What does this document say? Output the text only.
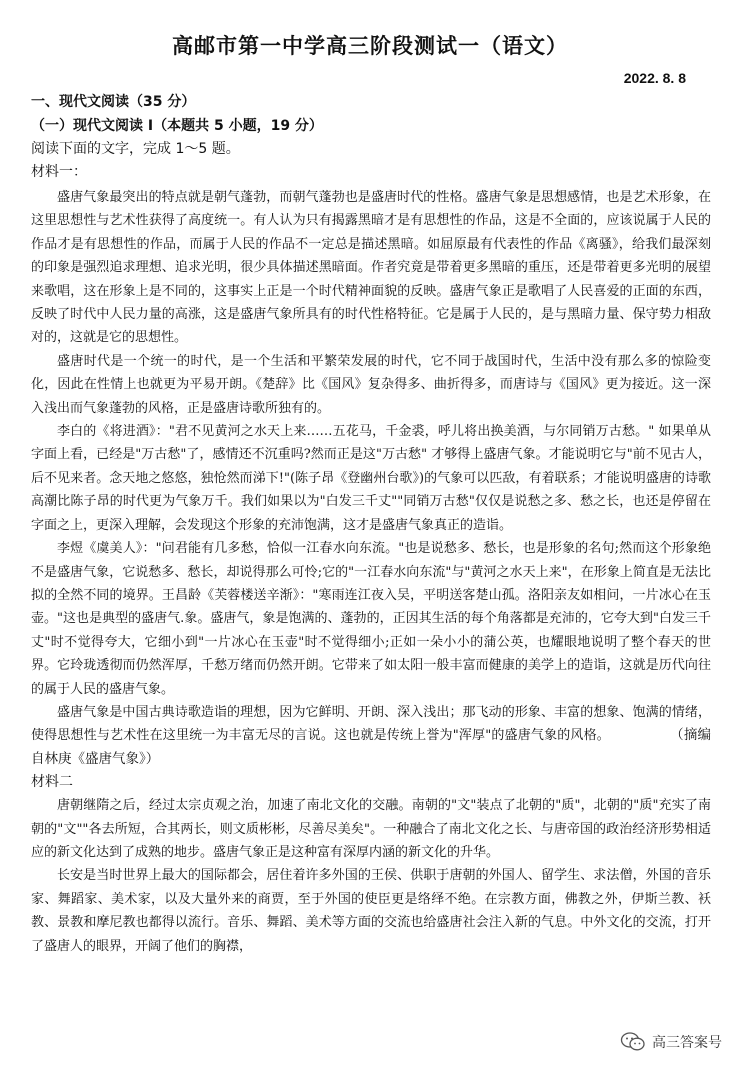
高邮市第一中学高三阶段测试一（语文）
2022. 8. 8
一、现代文阅读（35 分）
（一）现代文阅读 I（本题共 5 小题，19 分）
阅读下面的文字，完成 1～5 题。
材料一：

盛唐气象最突出的特点就是朝气蓬勃，而朝气蓬勃也是盛唐时代的性格。盛唐气象是思想感情，也是艺术形象，在这里思想性与艺术性获得了高度统一。有人认为只有揭露黑暗才是有思想性的作品，这是不全面的，应该说属于人民的作品才是有思想性的作品，而属于人民的作品不一定总是描述黑暗。如屈原最有代表性的作品《离骚》，给我们最深刻的印象是强烈追求理想、追求光明，很少具体描述黑暗面。作者究竟是带着更多黑暗的重压，还是带着更多光明的展望来歌唱，这在形象上是不同的，这事实上正是一个时代精神面貌的反映。盛唐气象正是歌唱了人民喜爱的正面的东西，反映了时代中人民力量的高涨，这是盛唐气象所具有的时代性格特征。它是属于人民的，是与黑暗力量、保守势力相敌对的，这就是它的思想性。

盛唐时代是一个统一的时代，是一个生活和平繁荣发展的时代，它不同于战国时代，生活中没有那么多的惊险变化，因此在性情上也就更为平易开朗。《楚辞》比《国风》复杂得多、曲折得多，而唐诗与《国风》更为接近。这一深入浅出而气象蓬勃的风格，正是盛唐诗歌所独有的。

李白的《将进酒》："君不见黄河之水天上来……五花马，千金裘，呼儿将出换美酒，与尔同销万古愁。" 如果单从字面上看，已经是"万古愁"了，感情还不沉重吗?然而正是这"万古愁" 才够得上盛唐气象。才能说明它与"前不见古人，后不见来者。念天地之悠悠，独怆然而涕下!"(陈子昂《登幽州台歌》)的气象可以匹敌，有着联系；才能说明盛唐的诗歌高潮比陈子昂的时代更为气象万千。我们如果以为"白发三千丈""同销万古愁"仅仅是说愁之多、愁之长，也还是停留在字面之上，更深入理解，会发现这个形象的充沛饱满，这才是盛唐气象真正的造诣。

李煜《虞美人》："问君能有几多愁，恰似一江春水向东流。"也是说愁多、愁长，也是形象的名句;然而这个形象绝不是盛唐气象，它说愁多、愁长，却说得那么可怜;它的"一江春水向东流"与"黄河之水天上来"，在形象上简直是无法比拟的全然不同的境界。王昌龄《芙蓉楼送辛渐》："寒雨连江夜入吴，平明送客楚山孤。洛阳亲友如相问，一片冰心在玉壶。"这也是典型的盛唐气.象。盛唐气，象是饱满的、蓬勃的，正因其生活的每个角落都是充沛的，它夸大到"白发三千丈"时不觉得夸大，它细小到"一片冰心在玉壶"时不觉得细小;正如一朵小小的蒲公英，也耀眼地说明了整个春天的世界。它玲珑透彻而仍然浑厚，千愁万绪而仍然开朗。它带来了如太阳一般丰富而健康的美学上的造诣，这就是历代向往的属于人民的盛唐气象。

盛唐气象是中国古典诗歌造诣的理想，因为它鲜明、开朗、深入浅出；那飞动的形象、丰富的想象、饱满的情绪，使得思想性与艺术性在这里统一为丰富无尽的言说。这也就是传统上誉为"浑厚"的盛唐气象的风格。	（摘编自林庚《盛唐气象》）

材料二

唐朝继隋之后，经过太宗贞观之治，加速了南北文化的交融。南朝的"文"装点了北朝的"质"，北朝的"质"充实了南朝的"文""各去所短，合其两长，则文质彬彬，尽善尽美矣"。一种融合了南北文化之长、与唐帝国的政治经济形势相适应的新文化达到了成熟的地步。盛唐气象正是这种富有深厚内涵的新文化的升华。

长安是当时世界上最大的国际都会，居住着许多外国的王侯、供职于唐朝的外国人、留学生、求法僧，外国的音乐家、舞蹈家、美术家，以及大量外来的商贾，至于外国的使臣更是络绎不绝。在宗教方面，佛教之外，伊斯兰教、袄教、景教和摩尼教也都得以流行。音乐、舞蹈、美术等方面的交流也给盛唐社会注入新的气息。中外文化的交流，打开了盛唐人的眼界，开阔了他们的胸襟，

高三答案号
